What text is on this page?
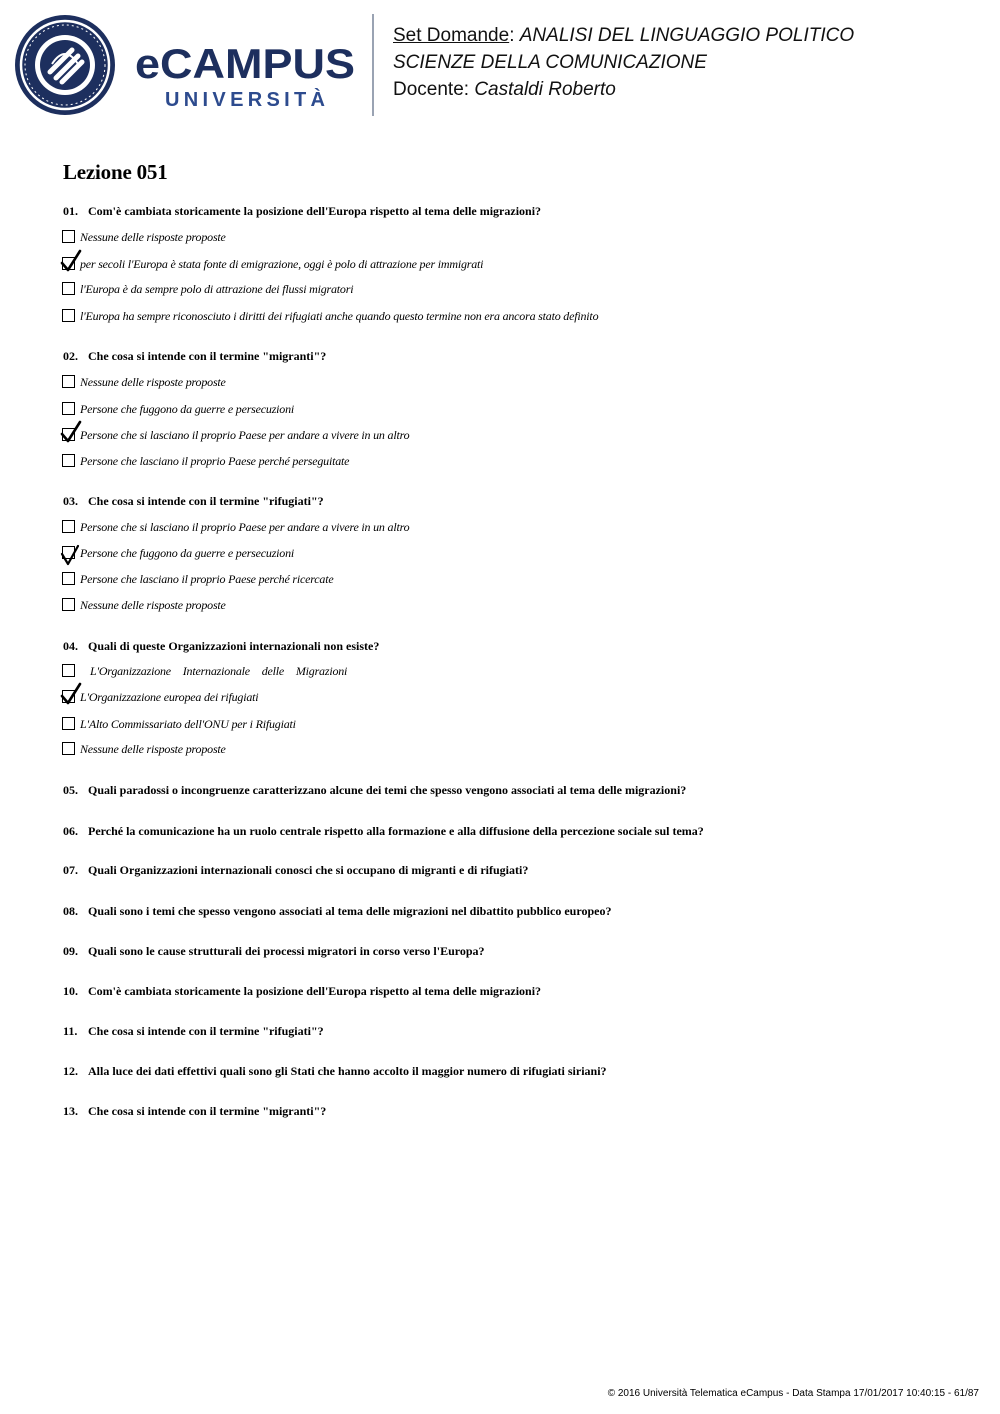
eCAMPUS
UNIVERSITÀ
Set Domande: ANALISI DEL LINGUAGGIO POLITICO
SCIENZE DELLA COMUNICAZIONE
Docente: Castaldi Roberto
Lezione 051
01. Com'è cambiata storicamente la posizione dell'Europa rispetto al tema delle migrazioni?
Nessune delle risposte proposte
per secoli l'Europa è stata fonte di emigrazione, oggi è polo di attrazione per immigrati
l'Europa è da sempre polo di attrazione dei flussi migratori
l'Europa ha sempre riconosciuto i diritti dei rifugiati anche quando questo termine non era ancora stato definito
02. Che cosa si intende con il termine "migranti"?
Nessune delle risposte proposte
Persone che fuggono da guerre e persecuzioni
Persone che si lasciano il proprio Paese per andare a vivere in un altro
Persone che lasciano il proprio Paese perché perseguitate
03. Che cosa si intende con il termine "rifugiati"?
Persone che si lasciano il proprio Paese per andare a vivere in un altro
Persone che fuggono da guerre e persecuzioni
Persone che lasciano il proprio Paese perché ricercate
Nessune delle risposte proposte
04. Quali di queste Organizzazioni internazionali non esiste?
L'Organizzazione Internazionale delle Migrazioni
L'Organizzazione europea dei rifugiati
L'Alto Commissariato dell'ONU per i Rifugiati
Nessune delle risposte proposte
05. Quali paradossi o incongruenze caratterizzano alcune dei temi che spesso vengono associati al tema delle migrazioni?
06. Perché la comunicazione ha un ruolo centrale rispetto alla formazione e alla diffusione della percezione sociale sul tema?
07. Quali Organizzazioni internazionali conosci che si occupano di migranti e di rifugiati?
08. Quali sono i temi che spesso vengono associati al tema delle migrazioni nel dibattito pubblico europeo?
09. Quali sono le cause strutturali dei processi migratori in corso verso l'Europa?
10. Com'è cambiata storicamente la posizione dell'Europa rispetto al tema delle migrazioni?
11. Che cosa si intende con il termine "rifugiati"?
12. Alla luce dei dati effettivi quali sono gli Stati che hanno accolto il maggior numero di rifugiati siriani?
13. Che cosa si intende con il termine "migranti"?
© 2016 Università Telematica eCampus - Data Stampa 17/01/2017 10:40:15 - 61/87
